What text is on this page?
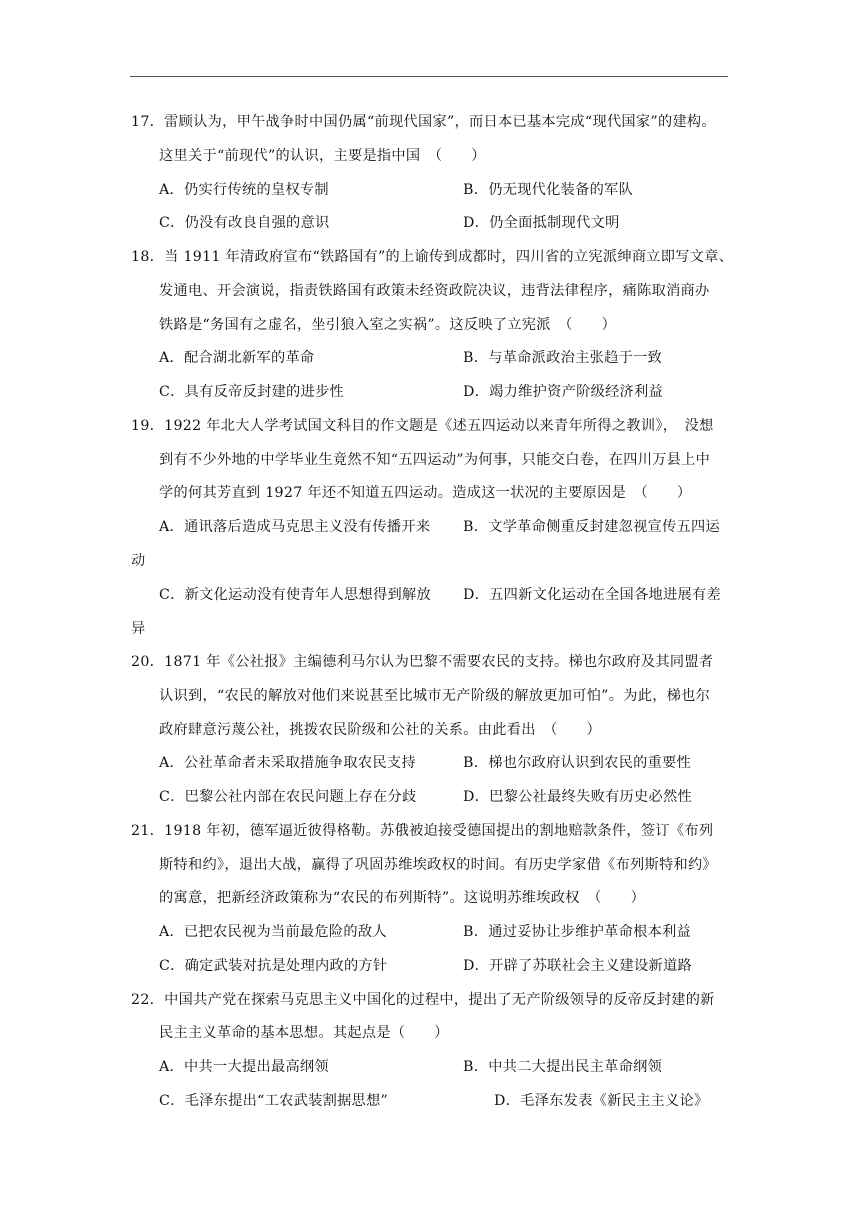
17．雷顾认为，甲午战争时中国仍属“前现代国家”，而日本已基本完成“现代国家”的建构。
这里关于“前现代”的认识，主要是指中国　（　　）
A．仍实行传统的皇权专制	B．仍无现代化装备的军队
C．仍没有改良自强的意识	D．仍全面抵制现代文明
18．当 1911 年清政府宣布“铁路国有”的上谕传到成都时，四川省的立宪派绅商立即写文章、
发通电、开会演说，指责铁路国有政策未经资政院决议，违背法律程序，痛陈取消商办
铁路是“务国有之虚名，坐引狼入室之实祸”。这反映了立宪派　（　　）
A．配合湖北新军的革命	B．与革命派政治主张趋于一致
C．具有反帝反封建的进步性	D．竭力维护资产阶级经济利益
19．1922 年北大人学考试国文科目的作文题是《述五四运动以来青年所得之教训》，　没想
到有不少外地的中学毕业生竟然不知“五四运动”为何事，只能交白卷，在四川万县上中
学的何其芳直到 1927 年还不知道五四运动。造成这一状况的主要原因是　（　　）
A．通讯落后造成马克思主义没有传播开来 B．文学革命侧重反封建忽视宣传五四运
动
C．新文化运动没有使青年人思想得到解放 D．五四新文化运动在全国各地进展有差
异
20．1871 年《公社报》主编德利马尔认为巴黎不需要农民的支持。梯也尔政府及其同盟者
认识到，“农民的解放对他们来说甚至比城市无产阶级的解放更加可怕”。为此，梯也尔
政府肆意污蔑公社，挑拨农民阶级和公社的关系。由此看出　（　　）
A．公社革命者未采取措施争取农民支持	B．梯也尔政府认识到农民的重要性
C．巴黎公社内部在农民问题上存在分歧	D．巴黎公社最终失败有历史必然性
21．1918 年初，德军逼近彼得格勒。苏俄被迫接受德国提出的割地赔款条件，签订《布列
斯特和约》，退出大战，赢得了巩固苏维埃政权的时间。有历史学家借《布列斯特和约》
的寓意，把新经济政策称为“农民的布列斯特”。这说明苏维埃政权　（　　）
A．已把农民视为当前最危险的敌人	B．通过妥协让步维护革命根本利益
C．确定武装对抗是处理内政的方针	D．开辟了苏联社会主义建设新道路
22．中国共产党在探索马克思主义中国化的过程中，提出了无产阶级领导的反帝反封建的新
民主主义革命的基本思想。其起点是（　　）
A．中共一大提出最高纲领	B．中共二大提出民主革命纲领
C．毛泽东提出“工农武装割据思想”	D．毛泽东发表《新民主主义论》
